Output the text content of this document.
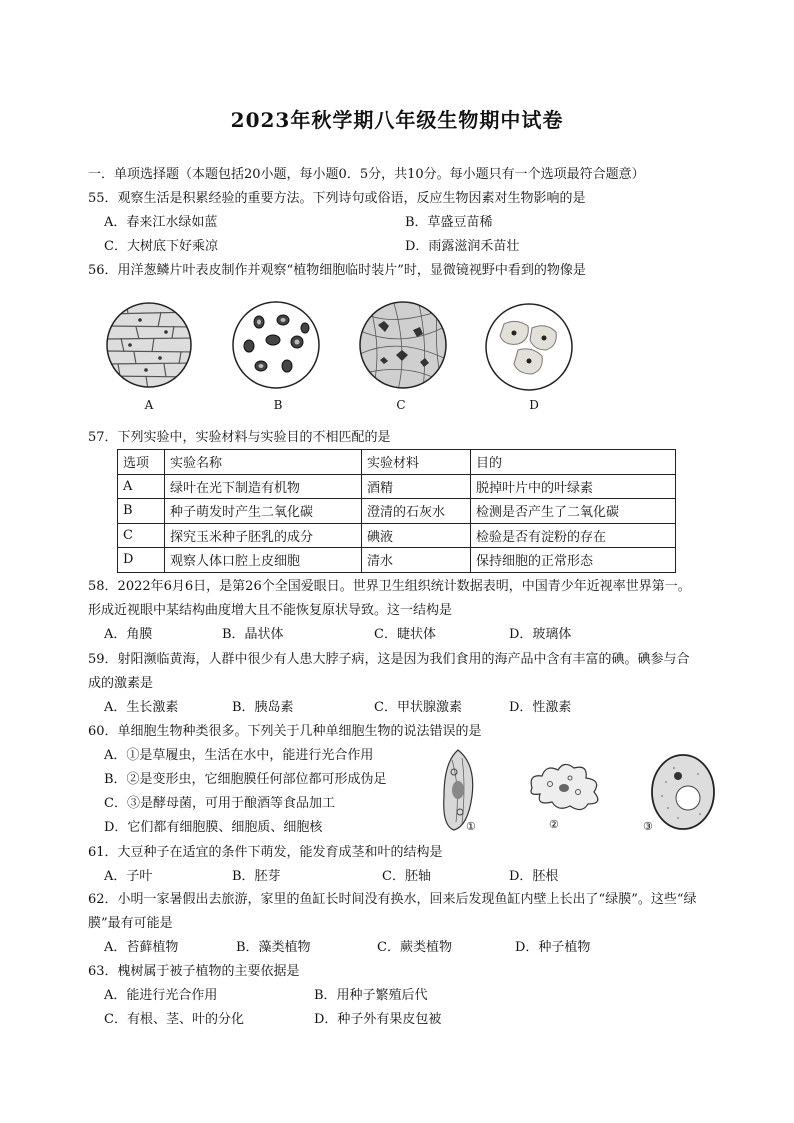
2023年秋学期八年级生物期中试卷
一．单项选择题（本题包括20小题，每小题0．5分，共10分。每小题只有一个选项最符合题意）
55．观察生活是积累经验的重要方法。下列诗句或俗语，反应生物因素对生物影响的是
A．春来江水绿如蓝	B．草盛豆苗稀
C．大树底下好乘凉	D．雨露滋润禾苗壮
56．用洋葱鳞片叶表皮制作并观察“植物细胞临时装片”时，显微镜视野中看到的物像是
A	B	C	D
57．下列实验中，实验材料与实验目的不相匹配的是
选项	实验名称	实验材料	目的
A	绿叶在光下制造有机物	酒精	脱掉叶片中的叶绿素
B	种子萌发时产生二氧化碳	澄清的石灰水	检测是否产生了二氧化碳
C	探究玉米种子胚乳的成分	碘液	检验是否有淀粉的存在
D	观察人体口腔上皮细胞	清水	保持细胞的正常形态
58．2022年6月6日，是第26个全国爱眼日。世界卫生组织统计数据表明，中国青少年近视率世界第一。
形成近视眼中某结构曲度增大且不能恢复原状导致。这一结构是
A．角膜	B．晶状体	C．睫状体	D．玻璃体
59．射阳濒临黄海，人群中很少有人患大脖子病，这是因为我们食用的海产品中含有丰富的碘。碘参与合
成的激素是
A．生长激素	B．胰岛素	C．甲状腺激素	D．性激素
60．单细胞生物种类很多。下列关于几种单细胞生物的说法错误的是
A．①是草履虫，生活在水中，能进行光合作用
B．②是变形虫，它细胞膜任何部位都可形成伪足
C．③是酵母菌，可用于酿酒等食品加工
D．它们都有细胞膜、细胞质、细胞核	①	②	③
61．大豆种子在适宜的条件下萌发，能发育成茎和叶的结构是
A．子叶	B．胚芽	C．胚轴	D．胚根
62．小明一家暑假出去旅游，家里的鱼缸长时间没有换水，回来后发现鱼缸内壁上长出了“绿膜”。这些“绿
膜”最有可能是
A．苔藓植物	B．藻类植物	C．蕨类植物	D．种子植物
63．槐树属于被子植物的主要依据是
A．能进行光合作用	B．用种子繁殖后代
C．有根、茎、叶的分化	D．种子外有果皮包被
